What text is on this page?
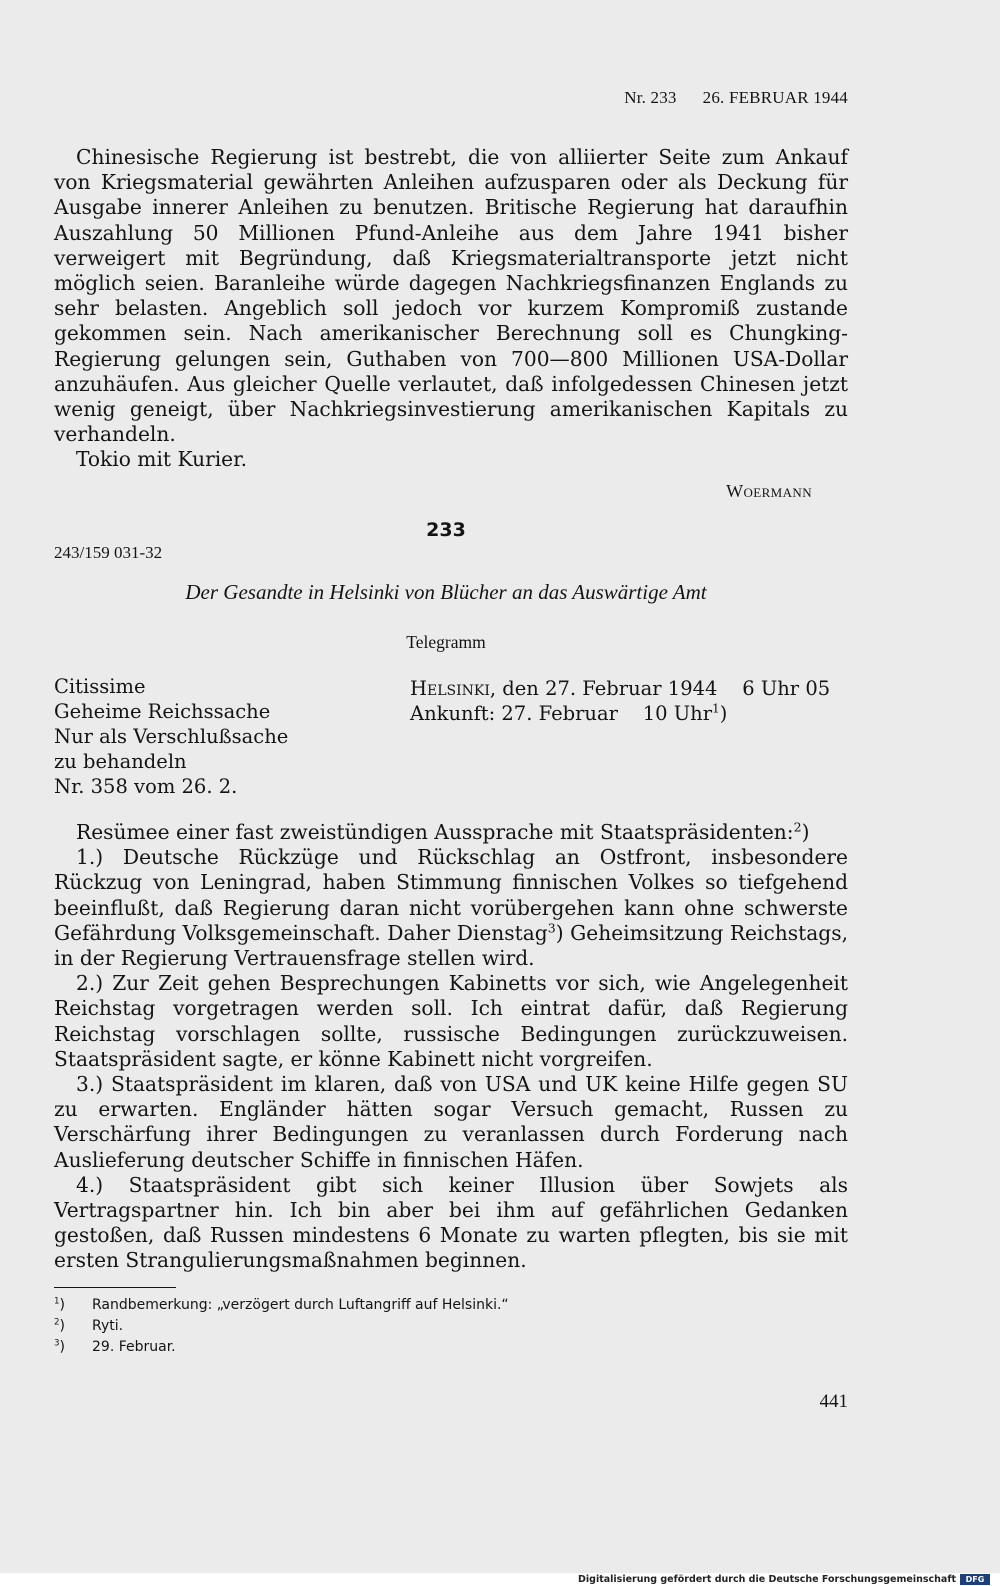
Nr. 233 26. FEBRUAR 1944

Chinesische Regierung ist bestrebt, die von alliierter Seite zum Ankauf von Kriegsmaterial gewährten Anleihen aufzusparen oder als Deckung für Ausgabe innerer Anleihen zu benutzen. Britische Regierung hat daraufhin Auszahlung 50 Millionen Pfund-Anleihe aus dem Jahre 1941 bisher verweigert mit Begründung, daß Kriegsmaterialtransporte jetzt nicht möglich seien. Baranleihe würde dagegen Nachkriegsfinanzen Englands zu sehr belasten. Angeblich soll jedoch vor kurzem Kompromiß zustande gekommen sein. Nach amerikanischer Berechnung soll es Chungking-Regierung gelungen sein, Guthaben von 700—800 Millionen USA-Dollar anzuhäufen. Aus gleicher Quelle verlautet, daß infolgedessen Chinesen jetzt wenig geneigt, über Nachkriegsinvestierung amerikanischen Kapitals zu verhandeln.

Tokio mit Kurier.
Woermann
233
243/159 031-32
Der Gesandte in Helsinki von Blücher an das Auswärtige Amt
Telegramm
Citissime
Geheime Reichssache
Nur als Verschlußsache
zu behandeln
Nr. 358 vom 26. 2.
Helsinki, den 27. Februar 1944    6 Uhr 05
Ankunft: 27. Februar    10 Uhr$^1$)

Resümee einer fast zweistündigen Aussprache mit Staatspräsidenten:$^2$)

1.) Deutsche Rückzüge und Rückschlag an Ostfront, insbesondere Rückzug von Leningrad, haben Stimmung finnischen Volkes so tiefgehend beeinflußt, daß Regierung daran nicht vorübergehen kann ohne schwerste Gefährdung Volksgemeinschaft. Daher Dienstag$^3$) Geheimsitzung Reichstags, in der Regierung Vertrauensfrage stellen wird.

2.) Zur Zeit gehen Besprechungen Kabinetts vor sich, wie Angelegenheit Reichstag vorgetragen werden soll. Ich eintrat dafür, daß Regierung Reichstag vorschlagen sollte, russische Bedingungen zurückzuweisen. Staatspräsident sagte, er könne Kabinett nicht vorgreifen.

3.) Staatspräsident im klaren, daß von USA und UK keine Hilfe gegen SU zu erwarten. Engländer hätten sogar Versuch gemacht, Russen zu Verschärfung ihrer Bedingungen zu veranlassen durch Forderung nach Auslieferung deutscher Schiffe in finnischen Häfen.

4.) Staatspräsident gibt sich keiner Illusion über Sowjets als Vertragspartner hin. Ich bin aber bei ihm auf gefährlichen Gedanken gestoßen, daß Russen mindestens 6 Monate zu warten pflegten, bis sie mit ersten Strangulierungsmaßnahmen beginnen.

$^1$)	Randbemerkung: „verzögert durch Luftangriff auf Helsinki.“
$^2$)	Ryti.
$^3$)	29. Februar.
441
Digitalisierung gefördert durch die Deutsche Forschungsgemeinschaft	DFG
